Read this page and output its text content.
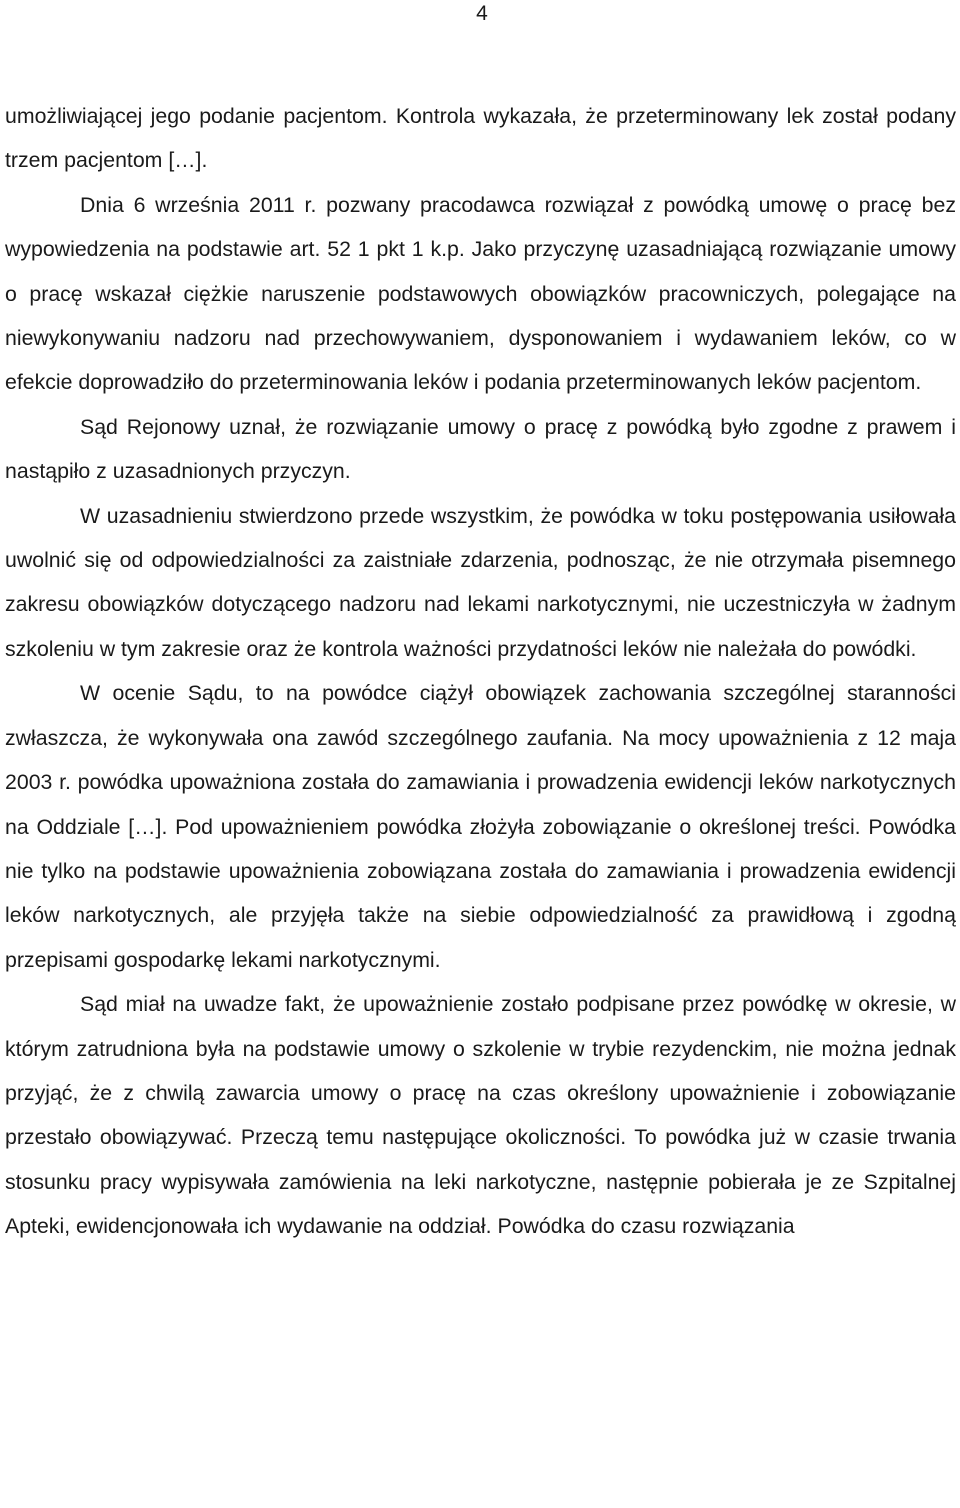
4

umożliwiającej jego podanie pacjentom. Kontrola wykazała, że przeterminowany lek został podany trzem pacjentom […].

Dnia 6 września 2011 r. pozwany pracodawca rozwiązał z powódką umowę o pracę bez wypowiedzenia na podstawie art. 52 1 pkt 1 k.p. Jako przyczynę uzasadniającą rozwiązanie umowy o pracę wskazał ciężkie naruszenie podstawowych obowiązków pracowniczych, polegające na niewykonywaniu nadzoru nad przechowywaniem, dysponowaniem i wydawaniem leków, co w efekcie doprowadziło do przeterminowania leków i podania przeterminowanych leków pacjentom.

Sąd Rejonowy uznał, że rozwiązanie umowy o pracę z powódką było zgodne z prawem i nastąpiło z uzasadnionych przyczyn.

W uzasadnieniu stwierdzono przede wszystkim, że powódka w toku postępowania usiłowała uwolnić się od odpowiedzialności za zaistniałe zdarzenia, podnosząc, że nie otrzymała pisemnego zakresu obowiązków dotyczącego nadzoru nad lekami narkotycznymi, nie uczestniczyła w żadnym szkoleniu w tym zakresie oraz że kontrola ważności przydatności leków nie należała do powódki.

W ocenie Sądu, to na powódce ciążył obowiązek zachowania szczególnej staranności zwłaszcza, że wykonywała ona zawód szczególnego zaufania. Na mocy upoważnienia z 12 maja 2003 r. powódka upoważniona została do zamawiania i prowadzenia ewidencji leków narkotycznych na Oddziale […]. Pod upoważnieniem powódka złożyła zobowiązanie o określonej treści. Powódka nie tylko na podstawie upoważnienia zobowiązana została do zamawiania i prowadzenia ewidencji leków narkotycznych, ale przyjęła także na siebie odpowiedzialność za prawidłową i zgodną przepisami gospodarkę lekami narkotycznymi.

Sąd miał na uwadze fakt, że upoważnienie zostało podpisane przez powódkę w okresie, w którym zatrudniona była na podstawie umowy o szkolenie w trybie rezydenckim, nie można jednak przyjąć, że z chwilą zawarcia umowy o pracę na czas określony upoważnienie i zobowiązanie przestało obowiązywać. Przeczą temu następujące okoliczności. To powódka już w czasie trwania stosunku pracy wypisywała zamówienia na leki narkotyczne, następnie pobierała je ze Szpitalnej Apteki, ewidencjonowała ich wydawanie na oddział. Powódka do czasu rozwiązania
